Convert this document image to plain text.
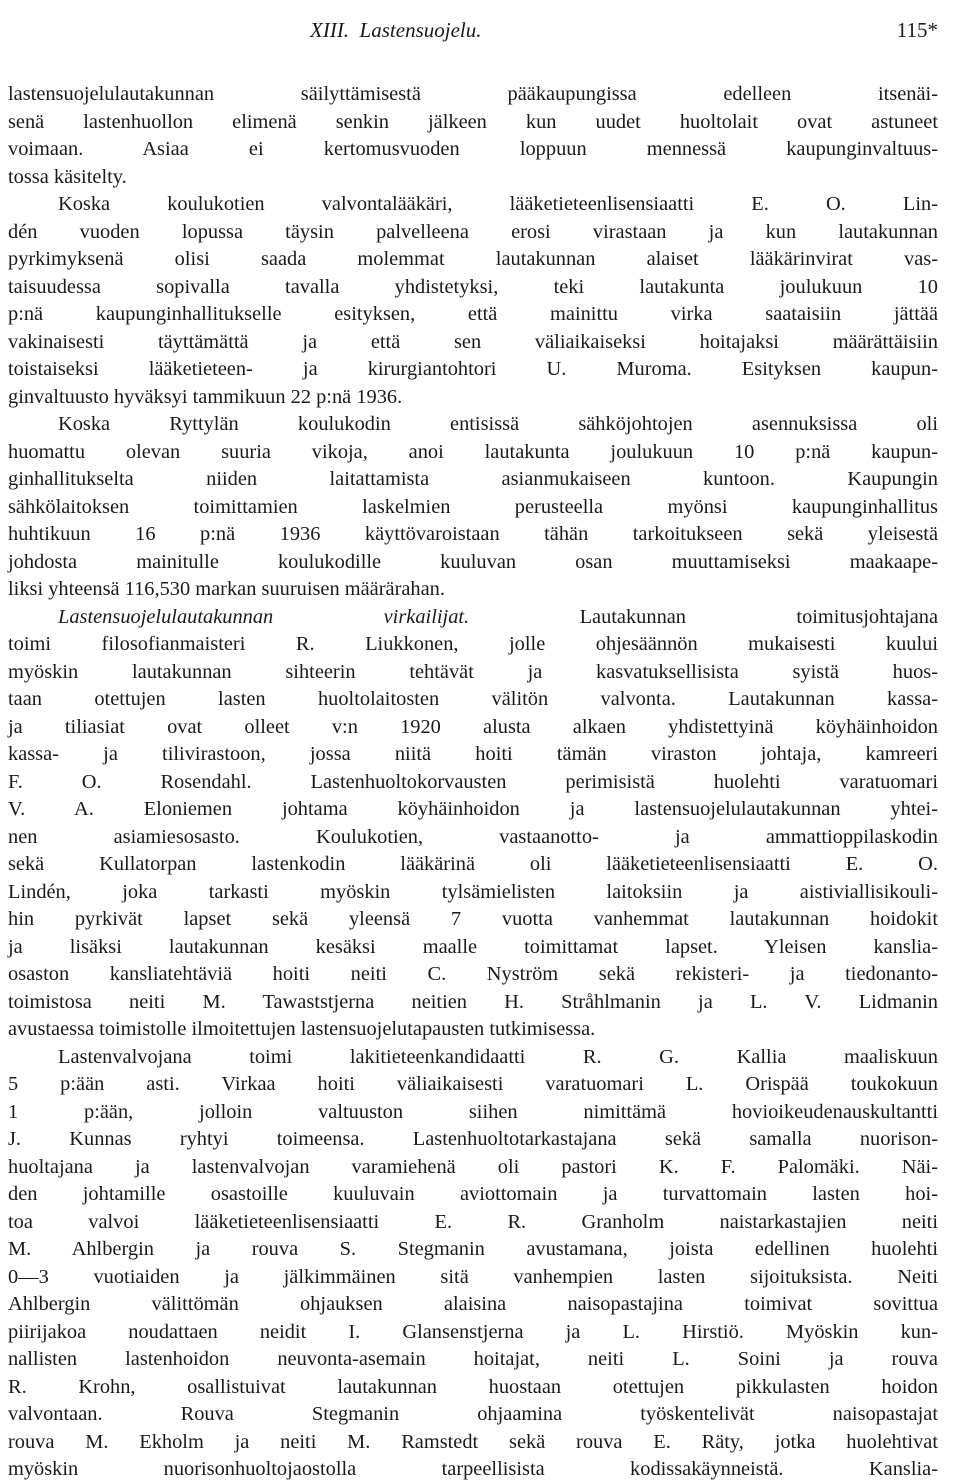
XIII.  Lastensuojelu.	115*
lastensuojelulautakunnan säilyttämisestä pääkaupungissa edelleen itsenäi-
senä lastenhuollon elimenä senkin jälkeen kun uudet huoltolait ovat astuneet
voimaan. Asiaa ei kertomusvuoden loppuun mennessä kaupunginvaltuus-
tossa käsitelty.
Koska koulukotien valvontalääkäri, lääketieteenlisensiaatti E. O. Lin-
dén vuoden lopussa täysin palvelleena erosi virastaan ja kun lautakunnan
pyrkimyksenä olisi saada molemmat lautakunnan alaiset lääkärinvirat vas-
taisuudessa sopivalla tavalla yhdistetyksi, teki lautakunta joulukuun 10
p:nä kaupunginhallitukselle esityksen, että mainittu virka saataisiin jättää
vakinaisesti täyttämättä ja että sen väliaikaiseksi hoitajaksi määrättäisiin
toistaiseksi lääketieteen- ja kirurgiantohtori U. Muroma. Esityksen kaupun-
ginvaltuusto hyväksyi tammikuun 22 p:nä 1936.
Koska Ryttylän koulukodin entisissä sähköjohtojen asennuksissa oli
huomattu olevan suuria vikoja, anoi lautakunta joulukuun 10 p:nä kaupun-
ginhallitukselta niiden laitattamista asianmukaiseen kuntoon. Kaupungin
sähkölaitoksen toimittamien laskelmien perusteella myönsi kaupunginhallitus
huhtikuun 16 p:nä 1936 käyttövaroistaan tähän tarkoitukseen sekä yleisestä
johdosta mainitulle koulukodille kuuluvan osan muuttamiseksi maakaape-
liksi yhteensä 116,530 markan suuruisen määrärahan.
Lastensuojelulautakunnan virkailijat.	Lautakunnan toimitusjohtajana
toimi filosofianmaisteri R. Liukkonen, jolle ohjesäännön mukaisesti kuului
myöskin lautakunnan sihteerin tehtävät ja kasvatuksellisista syistä huos-
taan otettujen lasten huoltolaitosten välitön valvonta. Lautakunnan kassa-
ja tiliasiat ovat olleet v:n 1920 alusta alkaen yhdistettyinä köyhäinhoidon
kassa- ja tilivirastoon, jossa niitä hoiti tämän viraston johtaja, kamreeri
F. O. Rosendahl. Lastenhuoltokorvausten perimisistä huolehti varatuomari
V. A. Eloniemen johtama köyhäinhoidon ja lastensuojelulautakunnan yhtei-
nen asiamiesosasto. Koulukotien, vastaanotto- ja ammattioppilaskodin
sekä Kullatorpan lastenkodin lääkärinä oli lääketieteenlisensiaatti E. O.
Lindén, joka tarkasti myöskin tylsämielisten laitoksiin ja aistiviallisikouli-
hin pyrkivät lapset sekä yleensä 7 vuotta vanhemmat lautakunnan hoidokit
ja lisäksi lautakunnan kesäksi maalle toimittamat lapset. Yleisen kanslia-
osaston kansliatehtäviä hoiti neiti C. Nyström sekä rekisteri- ja tiedonanto-
toimistosa neiti M. Tawaststjerna neitien H. Stråhlmanin ja L. V. Lidmanin
avustaessa toimistolle ilmoitettujen lastensuojelutapausten tutkimisessa.
Lastenvalvojana toimi lakitieteenkandidaatti R. G. Kallia maaliskuun
5 p:ään asti. Virkaa hoiti väliaikaisesti varatuomari L. Orispää toukokuun
1 p:ään, jolloin valtuuston siihen nimittämä hovioikeudenauskultantti
J. Kunnas ryhtyi toimeensa. Lastenhuoltotarkastajana sekä samalla nuorison-
huoltajana ja lastenvalvojan varamiehenä oli pastori K. F. Palomäki. Näi-
den johtamille osastoille kuuluvain aviottomain ja turvattomain lasten hoi-
toa valvoi lääketieteenlisensiaatti E. R. Granholm naistarkastajien neiti
M. Ahlbergin ja rouva S. Stegmanin avustamana, joista edellinen huolehti
0—3 vuotiaiden ja jälkimmäinen sitä vanhempien lasten sijoituksista. Neiti
Ahlbergin välittömän ohjauksen alaisina naisopastajina toimivat sovittua
piirijakoa noudattaen neidit I. Glansenstjerna ja L. Hirstiö. Myöskin kun-
nallisten lastenhoidon neuvonta-asemain hoitajat, neiti L. Soini ja rouva
R. Krohn, osallistuivat lautakunnan huostaan otettujen pikkulasten hoidon
valvontaan. Rouva Stegmanin ohjaamina työskentelivät naisopastajat
rouva M. Ekholm ja neiti M. Ramstedt sekä rouva E. Räty, jotka huolehtivat
myöskin nuorisonhuoltojaostolla tarpeellisista kodissakäynneistä. Kanslia-
